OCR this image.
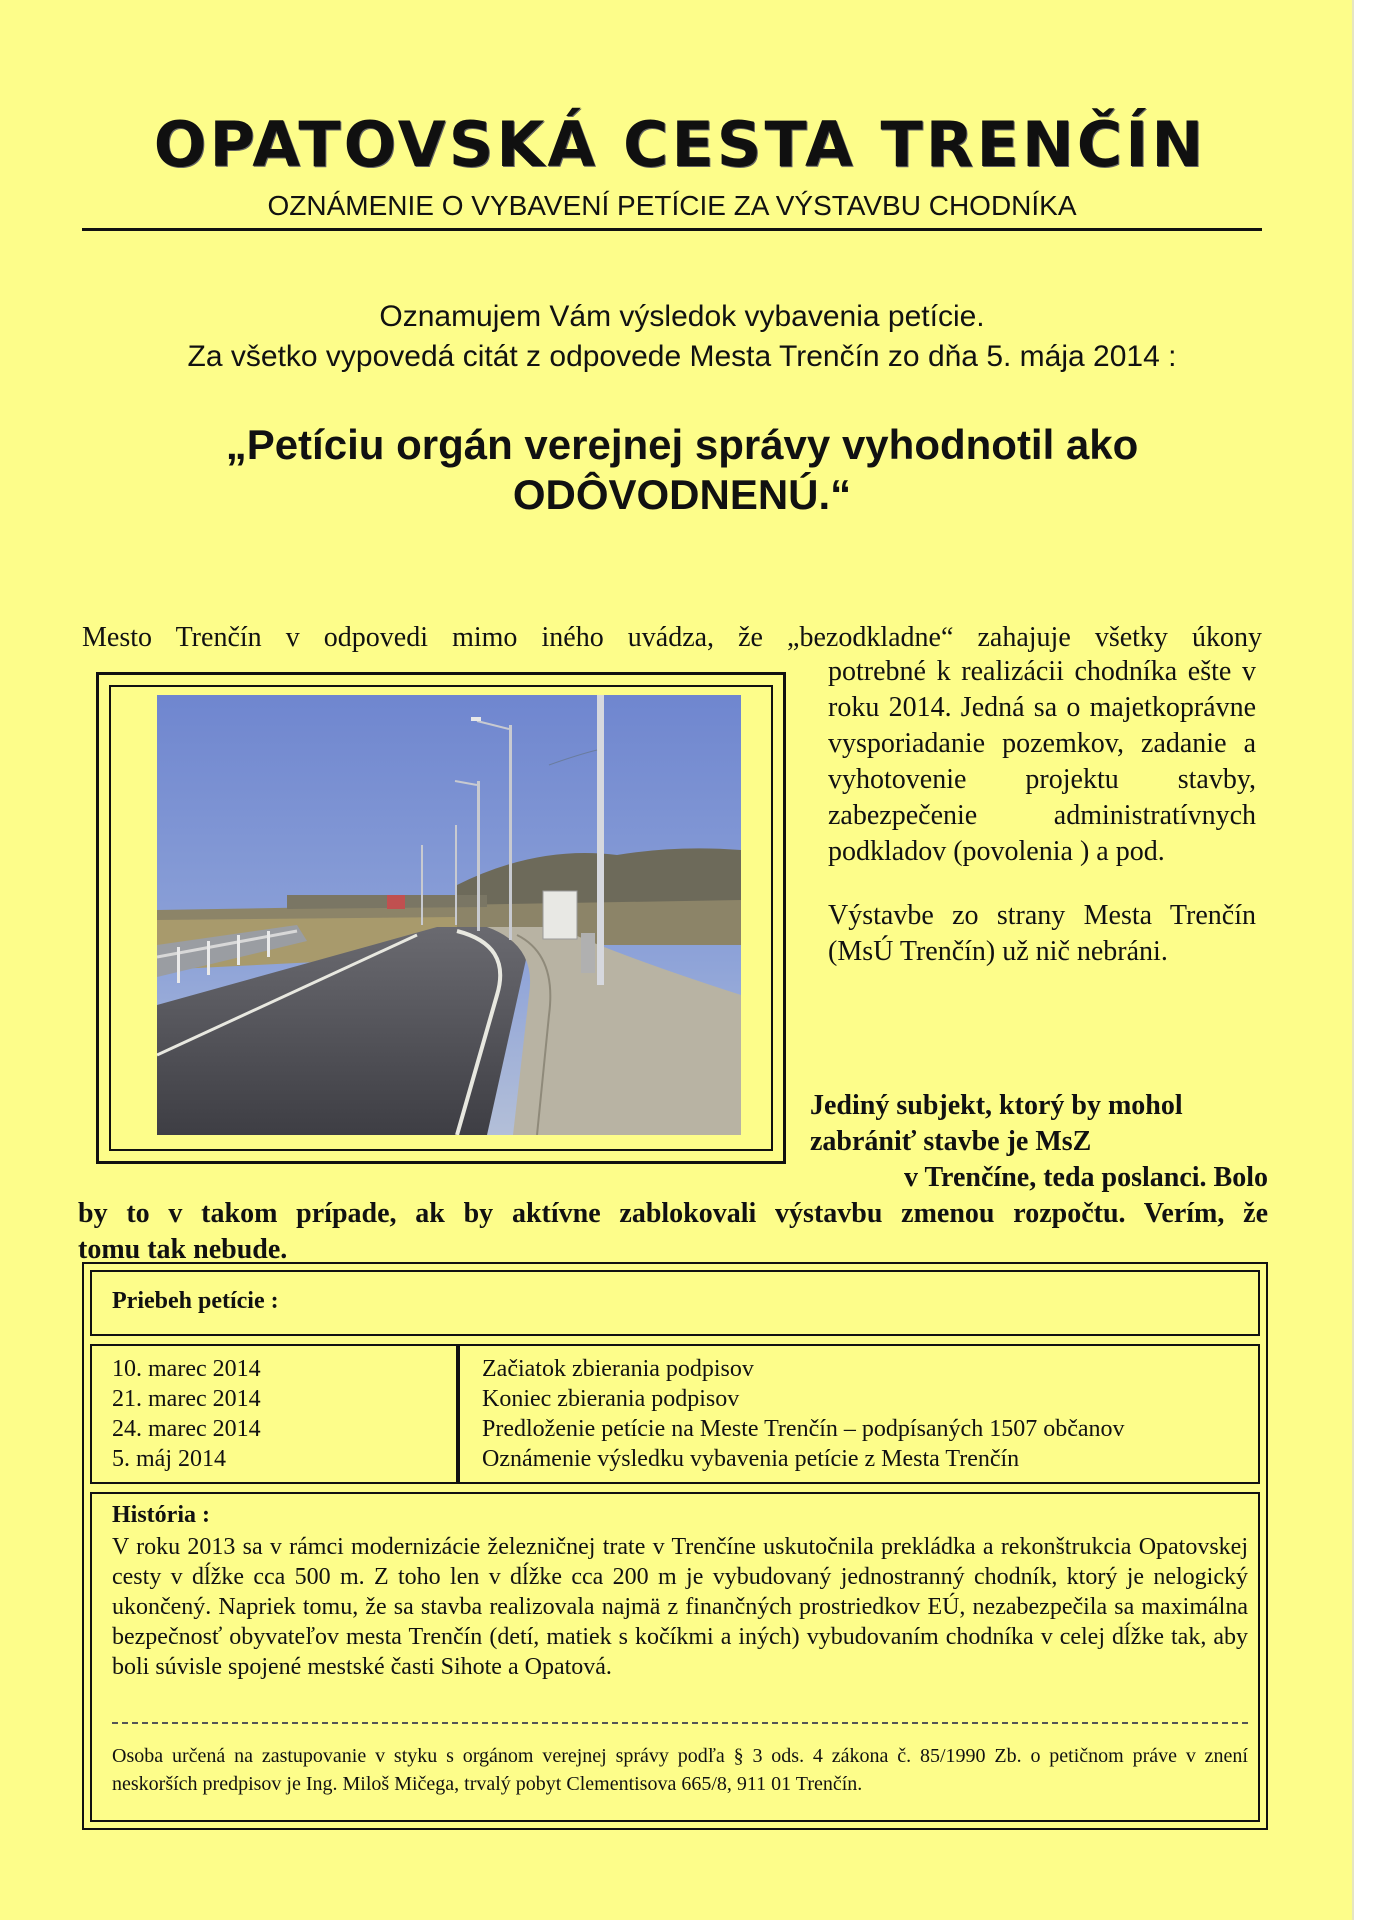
OPATOVSKÁ CESTA TRENČÍN
OZNÁMENIE O VYBAVENÍ PETÍCIE ZA VÝSTAVBU CHODNÍKA
Oznamujem Vám výsledok vybavenia petície.
Za všetko vypovedá citát z odpovede Mesta Trenčín zo dňa 5. mája 2014 :
„Petíciu orgán verejnej správy vyhodnotil ako
ODÔVODNENÚ.“
Mesto Trenčín v odpovedi mimo iného uvádza, že „bezodkladne“ zahajuje všetky úkony

potrebné k realizácii chodníka ešte v roku 2014. Jedná sa o majetkoprávne vysporiadanie pozemkov, zadanie a vyhotovenie projektu stavby, zabezpečenie administratívnych podkladov (povolenia ) a pod.

Výstavbe zo strany Mesta Trenčín (MsÚ Trenčín) už nič nebráni.

Jediný subjekt, ktorý by mohol zabrániť stavbe je MsZ
v Trenčíne, teda poslanci. Bolo
by to v takom prípade, ak by aktívne zablokovali výstavbu zmenou rozpočtu. Verím, že
tomu tak nebude.
Priebeh petície :
10. marec 2014
21. marec 2014
24. marec 2014
5. máj 2014
Začiatok zbierania podpisov
Koniec zbierania podpisov
Predloženie petície na Meste Trenčín – podpísaných 1507 občanov
Oznámenie výsledku vybavenia petície z Mesta Trenčín
História :
V roku 2013 sa v rámci modernizácie železničnej trate v Trenčíne uskutočnila prekládka a rekonštrukcia Opatovskej cesty v dĺžke cca 500 m. Z toho len v dĺžke cca 200 m je vybudovaný jednostranný chodník, ktorý je nelogický ukončený. Napriek tomu, že sa stavba realizovala najmä z finančných prostriedkov EÚ, nezabezpečila sa maximálna bezpečnosť obyvateľov mesta Trenčín (detí, matiek s kočíkmi a iných) vybudovaním chodníka v celej dĺžke tak, aby boli súvisle spojené mestské časti Sihote a Opatová.
Osoba určená na zastupovanie v styku s orgánom verejnej správy podľa § 3 ods. 4 zákona č. 85/1990 Zb. o petičnom práve v znení neskorších predpisov je Ing. Miloš Mičega, trvalý pobyt Clementisova 665/8, 911 01 Trenčín.
